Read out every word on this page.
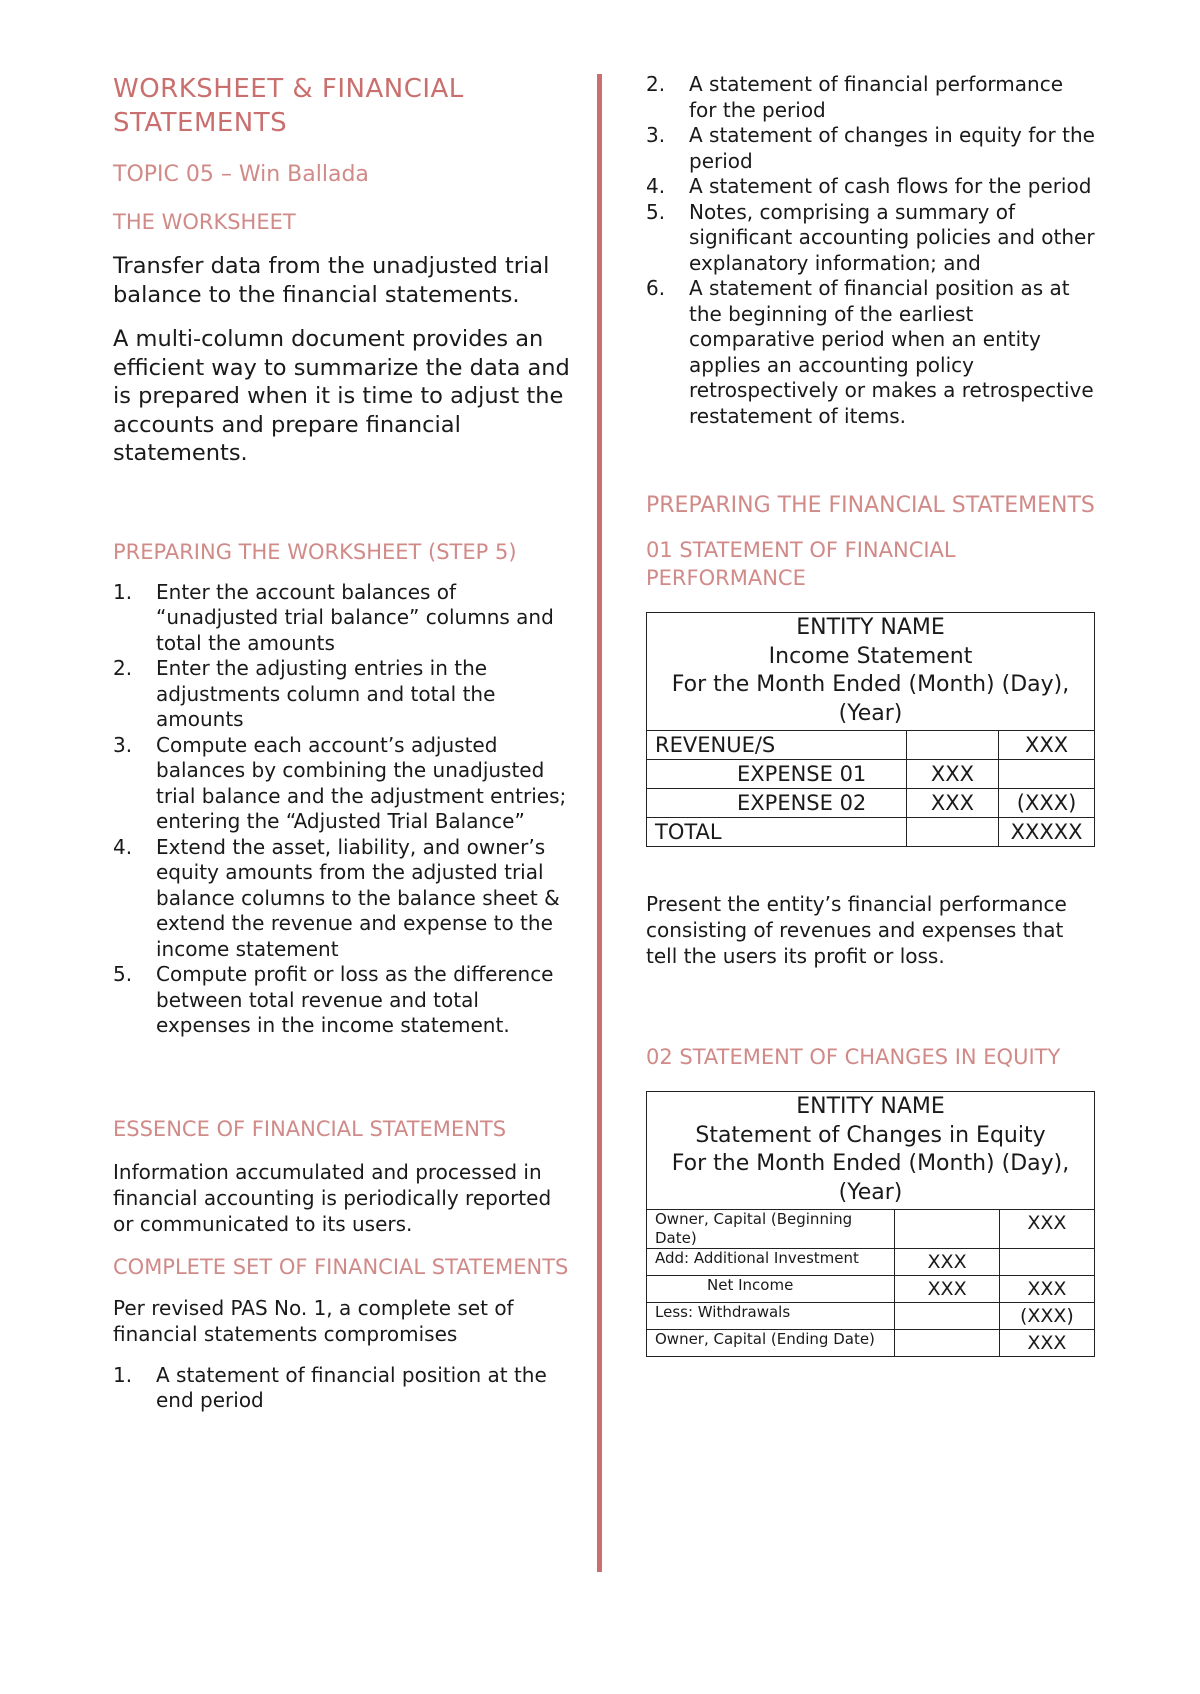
WORKSHEET & FINANCIAL STATEMENTS
TOPIC 05 – Win Ballada
THE WORKSHEET

Transfer data from the unadjusted trial balance to the financial statements.

A multi-column document provides an efficient way to summarize the data and is prepared when it is time to adjust the accounts and prepare financial statements.

PREPARING THE WORKSHEET (STEP 5)
1. Enter the account balances of “unadjusted trial balance” columns and total the amounts
2. Enter the adjusting entries in the adjustments column and total the amounts
3. Compute each account’s adjusted balances by combining the unadjusted trial balance and the adjustment entries; entering the “Adjusted Trial Balance”
4. Extend the asset, liability, and owner’s equity amounts from the adjusted trial balance columns to the balance sheet & extend the revenue and expense to the income statement
5. Compute profit or loss as the difference between total revenue and total expenses in the income statement.
ESSENCE OF FINANCIAL STATEMENTS

Information accumulated and processed in financial accounting is periodically reported or communicated to its users.

COMPLETE SET OF FINANCIAL STATEMENTS

Per revised PAS No. 1, a complete set of financial statements compromises

1. A statement of financial position at the end period
2. A statement of financial performance for the period
3. A statement of changes in equity for the period
4. A statement of cash flows for the period
5. Notes, comprising a summary of significant accounting policies and other explanatory information; and
6. A statement of financial position as at the beginning of the earliest comparative period when an entity applies an accounting policy retrospectively or makes a retrospective restatement of items.
PREPARING THE FINANCIAL STATEMENTS
01 STATEMENT OF FINANCIAL PERFORMANCE
ENTITY NAME
Income Statement
For the Month Ended (Month) (Day), (Year)		

REVENUE/S		XXX
EXPENSE 01	XXX	
EXPENSE 02	XXX	(XXX)
TOTAL		XXXXX

Present the entity’s financial performance consisting of revenues and expenses that tell the users its profit or loss.

02 STATEMENT OF CHANGES IN EQUITY
ENTITY NAME
Statement of Changes in Equity
For the Month Ended (Month) (Day), (Year)		

Owner, Capital (Beginning Date)		XXX
Add: Additional Investment	XXX	
Net Income	XXX	XXX
Less: Withdrawals		(XXX)
Owner, Capital (Ending Date)		XXX
